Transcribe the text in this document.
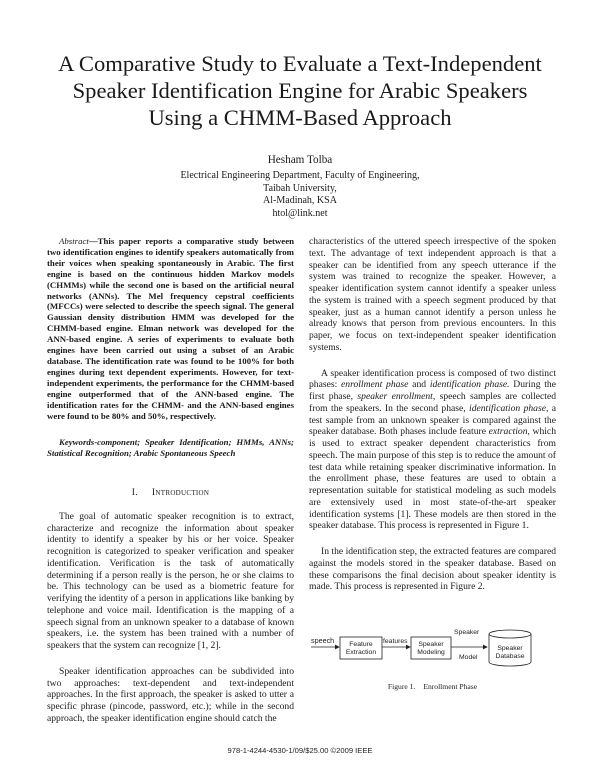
A Comparative Study to Evaluate a Text-Independent
Speaker Identification Engine for Arabic Speakers
Using a CHMM-Based Approach
Hesham Tolba
Electrical Engineering Department, Faculty of Engineering,
Taibah University,
Al-Madinah, KSA
htol@link.net

Abstract—This paper reports a comparative study between two identification engines to identify speakers automatically from their voices when speaking spontaneously in Arabic. The first engine is based on the continuous hidden Markov models (CHMMs) while the second one is based on the artificial neural networks (ANNs). The Mel frequency cepstral coefficients (MFCCs) were selected to describe the speech signal. The general Gaussian density distribution HMM was developed for the CHMM-based engine. Elman network was developed for the ANN-based engine. A series of experiments to evaluate both engines have been carried out using a subset of an Arabic database. The identification rate was found to be 100% for both engines during text dependent experiments. However, for text-independent experiments, the performance for the CHMM-based engine outperformed that of the ANN-based engine. The identification rates for the CHMM- and the ANN-based engines were found to be 80% and 50%, respectively.

Keywords-component; Speaker Identification; HMMs, ANNs; Statistical Recognition; Arabic Spontaneous Speech

I. Introduction

The goal of automatic speaker recognition is to extract, characterize and recognize the information about speaker identity to identify a speaker by his or her voice. Speaker recognition is categorized to speaker verification and speaker identification. Verification is the task of automatically determining if a person really is the person, he or she claims to be. This technology can be used as a biometric feature for verifying the identity of a person in applications like banking by telephone and voice mail. Identification is the mapping of a speech signal from an unknown speaker to a database of known speakers, i.e. the system has been trained with a number of speakers that the system can recognize [1, 2].

Speaker identification approaches can be subdivided into two approaches: text-dependent and text-independent approaches. In the first approach, the speaker is asked to utter a specific phrase (pincode, password, etc.); while in the second approach, the speaker identification engine should catch the

characteristics of the uttered speech irrespective of the spoken text. The advantage of text independent approach is that a speaker can be identified from any speech utterance if the system was trained to recognize the speaker. However, a speaker identification system cannot identify a speaker unless the system is trained with a speech segment produced by that speaker, just as a human cannot identify a person unless he already knows that person from previous encounters. In this paper, we focus on text-independent speaker identification systems.

A speaker identification process is composed of two distinct phases: enrollment phase and identification phase. During the first phase, speaker enrollment, speech samples are collected from the speakers. In the second phase, identification phase, a test sample from an unknown speaker is compared against the speaker database. Both phases include feature extraction, which is used to extract speaker dependent characteristics from speech. The main purpose of this step is to reduce the amount of test data while retaining speaker discriminative information. In the enrollment phase, these features are used to obtain a representation suitable for statistical modeling as such models are extensively used in most state-of-the-art speaker identification systems [1]. These models are then stored in the speaker database. This process is represented in Figure 1.

In the identification step, the extracted features are compared against the models stored in the speaker database. Based on these comparisons the final decision about speaker identity is made. This process is represented in Figure 2.

speech Feature
Extraction
features Speaker
Modeling
Speaker
Model
Speaker
Database
Figure 1. Enrollment Phase
978-1-4244-4530-1/09/$25.00 ©2009 IEEE
